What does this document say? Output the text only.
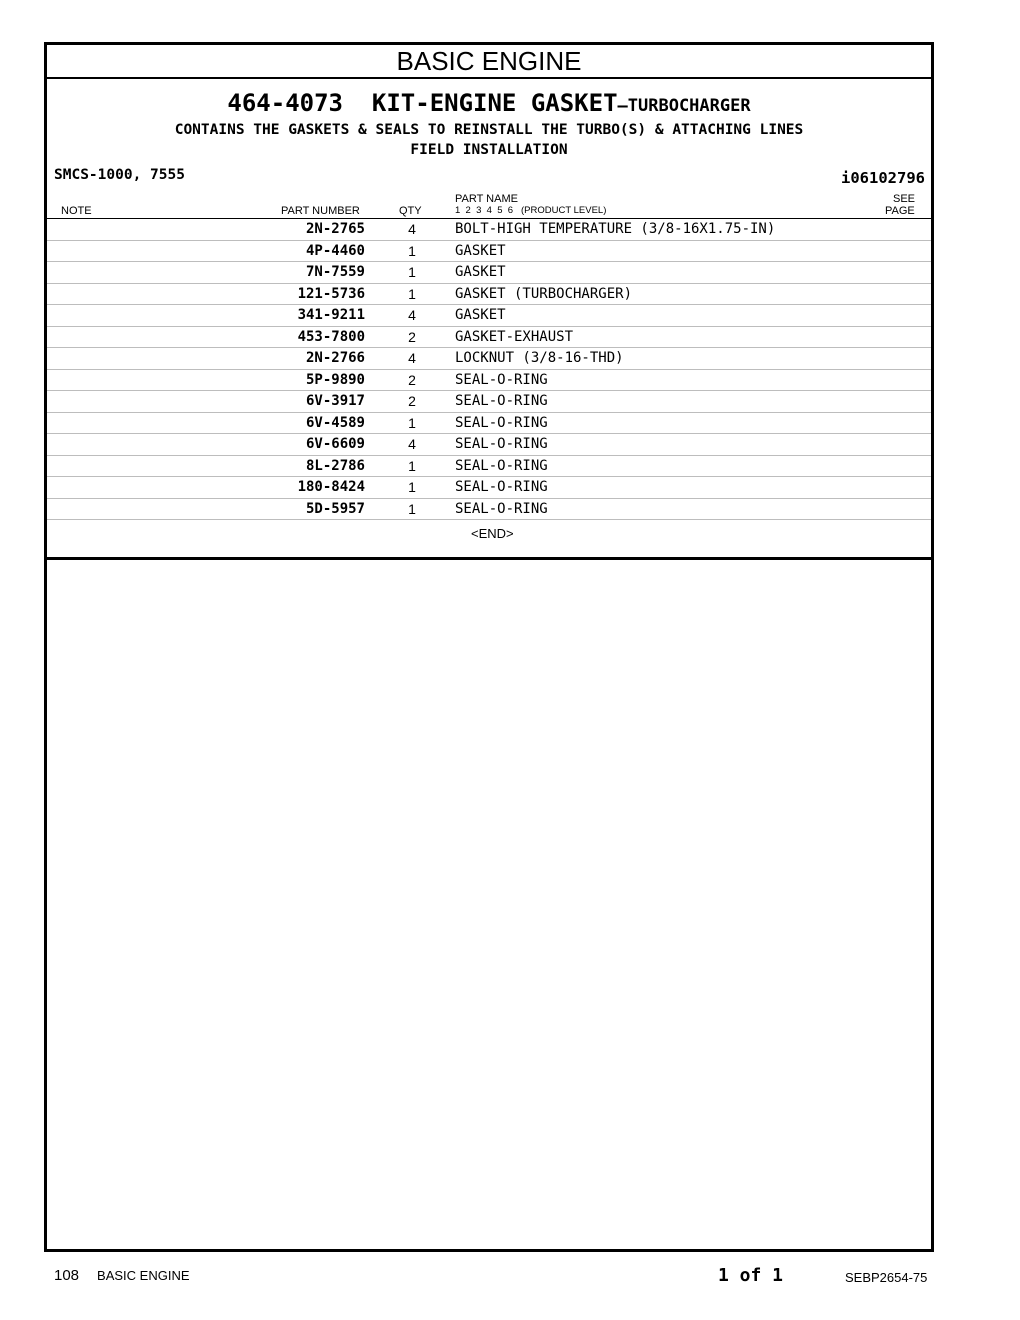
BASIC ENGINE
464-4073 KIT-ENGINE GASKET—TURBOCHARGER
CONTAINS THE GASKETS & SEALS TO REINSTALL THE TURBO(S) & ATTACHING LINES
FIELD INSTALLATION
SMCS-1000, 7555	i06102796
NOTE	PART NUMBER	QTY
PART NAME
1  2  3  4  5  6   (PRODUCT LEVEL)
SEE
PAGE
2N-2765	4	BOLT-HIGH TEMPERATURE (3/8-16X1.75-IN)
4P-4460	1	GASKET
7N-7559	1	GASKET
121-5736	1	GASKET (TURBOCHARGER)
341-9211	4	GASKET
453-7800	2	GASKET-EXHAUST
2N-2766	4	LOCKNUT (3/8-16-THD)
5P-9890	2	SEAL-O-RING
6V-3917	2	SEAL-O-RING
6V-4589	1	SEAL-O-RING
6V-6609	4	SEAL-O-RING
8L-2786	1	SEAL-O-RING
180-8424	1	SEAL-O-RING
5D-5957	1	SEAL-O-RING
<END>
108 BASIC ENGINE	1 of 1	SEBP2654-75
